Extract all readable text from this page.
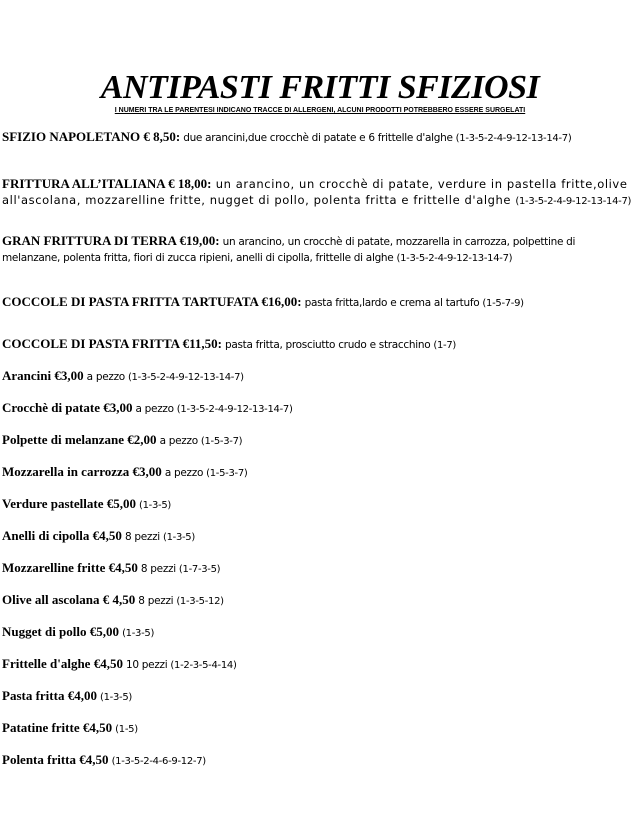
ANTIPASTI FRITTI SFIZIOSI
I NUMERI TRA LE PARENTESI INDICANO TRACCE DI ALLERGENI, ALCUNI PRODOTTI POTREBBERO ESSERE SURGELATI
SFIZIO NAPOLETANO € 8,50: due arancini,due crocchè di patate e 6 frittelle d'alghe (1-3-5-2-4-9-12-13-14-7)
FRITTURA ALL’ITALIANA € 18,00: un arancino, un crocchè di patate, verdure in pastella fritte,olive all'ascolana, mozzarelline fritte, nugget di pollo, polenta fritta e frittelle d'alghe (1-3-5-2-4-9-12-13-14-7)
GRAN FRITTURA DI TERRA €19,00: un arancino, un crocchè di patate, mozzarella in carrozza, polpettine di melanzane, polenta fritta, fiori di zucca ripieni, anelli di cipolla, frittelle di alghe (1-3-5-2-4-9-12-13-14-7)
COCCOLE DI PASTA FRITTA TARTUFATA €16,00: pasta fritta,lardo e crema al tartufo (1-5-7-9)
COCCOLE DI PASTA FRITTA €11,50: pasta fritta, prosciutto crudo e stracchino (1-7)
Arancini €3,00 a pezzo (1-3-5-2-4-9-12-13-14-7)
Crocchè di patate €3,00 a pezzo (1-3-5-2-4-9-12-13-14-7)
Polpette di melanzane €2,00 a pezzo (1-5-3-7)
Mozzarella in carrozza €3,00 a pezzo (1-5-3-7)
Verdure pastellate €5,00 (1-3-5)
Anelli di cipolla €4,50 8 pezzi (1-3-5)
Mozzarelline fritte €4,50 8 pezzi (1-7-3-5)
Olive all ascolana € 4,50 8 pezzi (1-3-5-12)
Nugget di pollo €5,00 (1-3-5)
Frittelle d'alghe €4,50 10 pezzi (1-2-3-5-4-14)
Pasta fritta €4,00 (1-3-5)
Patatine fritte €4,50 (1-5)
Polenta fritta €4,50 (1-3-5-2-4-6-9-12-7)
